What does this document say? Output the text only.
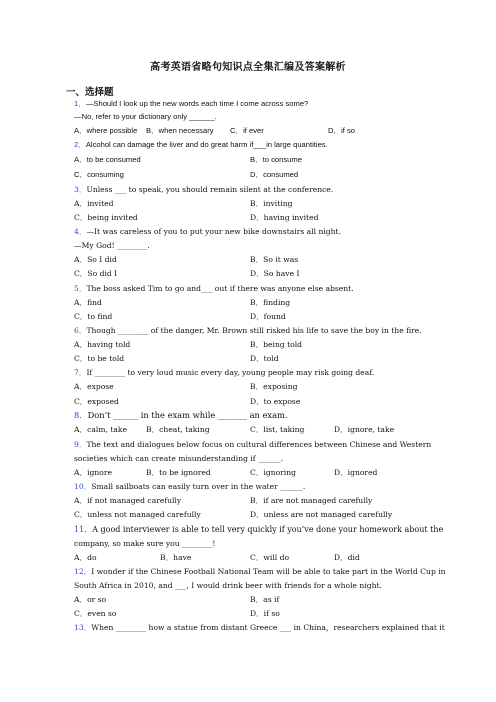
高考英语省略句知识点全集汇编及答案解析
一、选择题
1．—Should I look up the new words each time I come across some?
—No, refer to your dictionary only ______.
A．where possible B．when necessary C．if ever	D．if so
2．Alcohol can damage the liver and do great harm if___in large quantities.
A．to be consumed	B．to consume
C．consuming	D．consumed
3．Unless ___ to speak, you should remain silent at the conference.
A．invited	B．inviting
C．being invited	D．having invited
4．—It was careless of you to put your new bike downstairs all night.
—My God! ________.
A．So I did	B．So it was
C．So did I	D．So have I
5．The boss asked Tim to go and___ out if there was anyone else absent.
A．find	B．finding
C．to find	D．found
6．Though ________ of the danger, Mr. Brown still risked his life to save the boy in the fire.
A．having told	B．being told
C．to be told	D．told
7．If ________ to very loud music every day, young people may risk going deaf.
A．expose	B．exposing
C．exposed	D．to expose
8．Don’t ______ in the exam while _______ an exam.
A．calm, take	B．cheat, taking	C．list, taking	D．ignore, take
9．The text and dialogues below focus on cultural differences between Chinese and Western
societies which can create misunderstanding if ______.
A．ignore	B．to be ignored	C．ignoring	D．ignored
10．Small sailboats can easily turn over in the water ______.
A．if not managed carefully	B．if are not managed carefully
C．unless not managed carefully	D．unless are not managed carefully
11．A good interviewer is able to tell very quickly if you’ve done your homework about the
company, so make sure you ________!
A．do	B．have	C．will do	D．did
12．I wonder if the Chinese Football National Team will be able to take part in the World Cup in
South Africa in 2010, and ___, I would drink beer with friends for a whole night.
A．or so	B．as if
C．even so	D．if so
13．When ________ how a statue from distant Greece ___ in China，researchers explained that it
